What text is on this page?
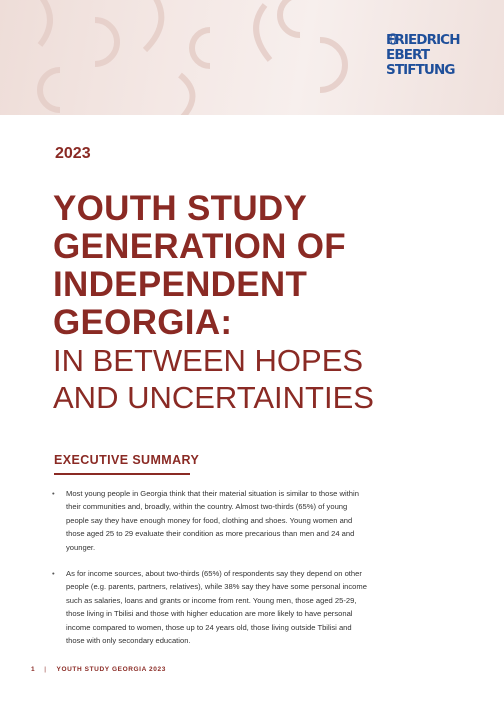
FRIEDRICH
EBERT
STIFTUNG
2023
YOUTH STUDY
GENERATION OF
INDEPENDENT
GEORGIA:
IN BETWEEN HOPES
AND UNCERTAINTIES
EXECUTIVE SUMMARY
• Most young people in Georgia think that their material situation is similar to those within their communities and, broadly, within the country. Almost two-thirds (65%) of young people say they have enough money for food, clothing and shoes. Young women and those aged 25 to 29 evaluate their condition as more precarious than men and 24 and younger.
• As for income sources, about two-thirds (65%) of respondents say they depend on other people (e.g. parents, partners, relatives), while 38% say they have some personal income such as salaries, loans and grants or income from rent. Young men, those aged 25-29, those living in Tbilisi and those with higher education are more likely to have personal income compared to women, those up to 24 years old, those living outside Tbilisi and those with only secondary education.
1 | YOUTH STUDY GEORGIA 2023
